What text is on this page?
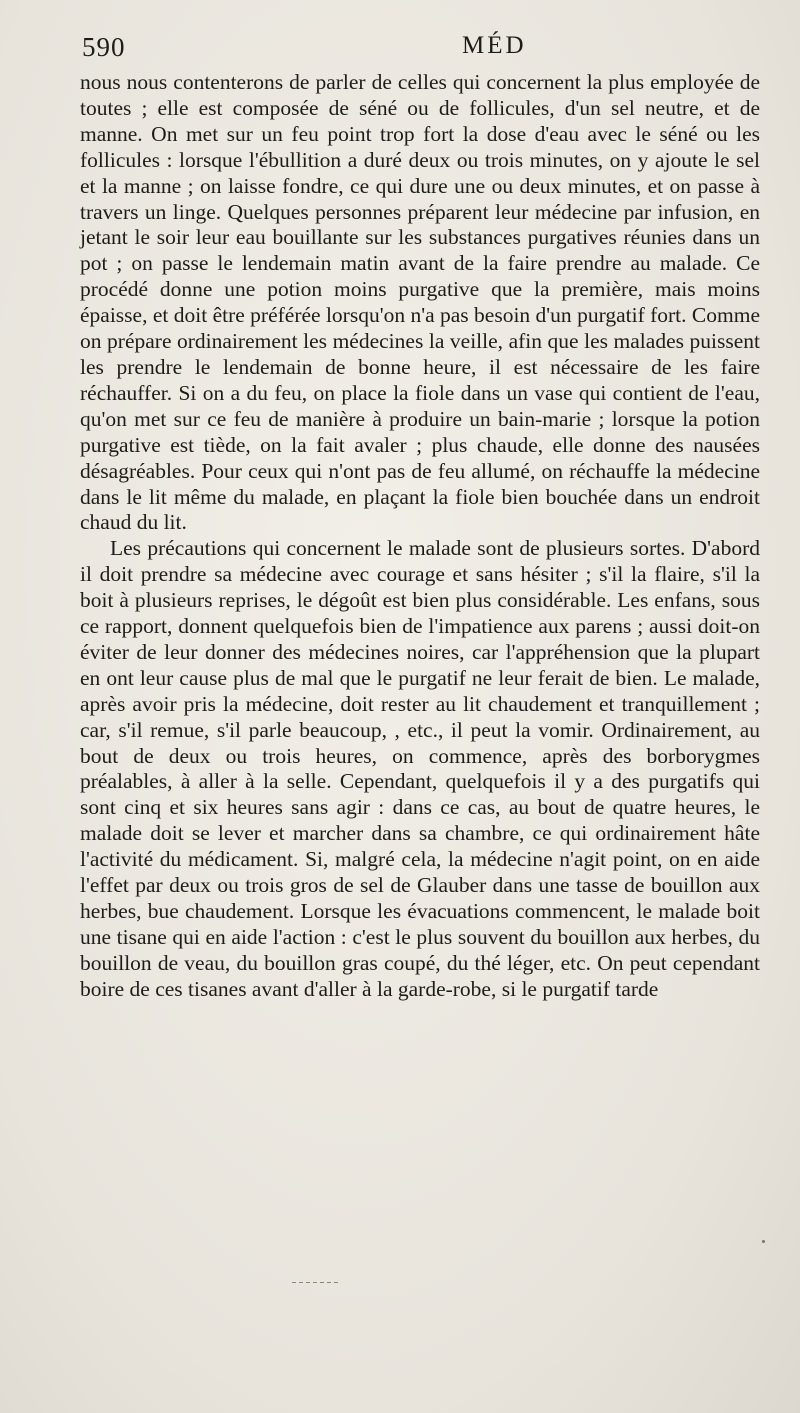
590	MÉD

nous nous contenterons de parler de celles qui concernent la plus employée de toutes ; elle est composée de séné ou de follicules, d'un sel neutre, et de manne. On met sur un feu point trop fort la dose d'eau avec le séné ou les follicules : lorsque l'ébullition a duré deux ou trois minutes, on y ajoute le sel et la manne ; on laisse fondre, ce qui dure une ou deux minutes, et on passe à travers un linge. Quelques personnes préparent leur médecine par infusion, en jetant le soir leur eau bouillante sur les substances purgatives réunies dans un pot ; on passe le lendemain matin avant de la faire prendre au malade. Ce procédé donne une potion moins purgative que la première, mais moins épaisse, et doit être préférée lorsqu'on n'a pas besoin d'un purgatif fort. Comme on prépare ordinairement les médecines la veille, afin que les malades puissent les prendre le lendemain de bonne heure, il est nécessaire de les faire réchauffer. Si on a du feu, on place la fiole dans un vase qui contient de l'eau, qu'on met sur ce feu de manière à produire un bain-marie ; lorsque la potion purgative est tiède, on la fait avaler ; plus chaude, elle donne des nausées désagréables. Pour ceux qui n'ont pas de feu allumé, on réchauffe la médecine dans le lit même du malade, en plaçant la fiole bien bouchée dans un endroit chaud du lit.

Les précautions qui concernent le malade sont de plusieurs sortes. D'abord il doit prendre sa médecine avec courage et sans hésiter ; s'il la flaire, s'il la boit à plusieurs reprises, le dégoût est bien plus considérable. Les enfans, sous ce rapport, donnent quelquefois bien de l'impatience aux parens ; aussi doit-on éviter de leur donner des médecines noires, car l'appréhension que la plupart en ont leur cause plus de mal que le purgatif ne leur ferait de bien. Le malade, après avoir pris la médecine, doit rester au lit chaudement et tranquillement ; car, s'il remue, s'il parle beaucoup, , etc., il peut la vomir. Ordinairement, au bout de deux ou trois heures, on commence, après des borborygmes préalables, à aller à la selle. Cependant, quelquefois il y a des purgatifs qui sont cinq et six heures sans agir : dans ce cas, au bout de quatre heures, le malade doit se lever et marcher dans sa chambre, ce qui ordinairement hâte l'activité du médicament. Si, malgré cela, la médecine n'agit point, on en aide l'effet par deux ou trois gros de sel de Glauber dans une tasse de bouillon aux herbes, bue chaudement. Lorsque les évacuations commencent, le malade boit une tisane qui en aide l'action : c'est le plus souvent du bouillon aux herbes, du bouillon de veau, du bouillon gras coupé, du thé léger, etc. On peut cependant boire de ces tisanes avant d'aller à la garde-robe, si le purgatif tarde
